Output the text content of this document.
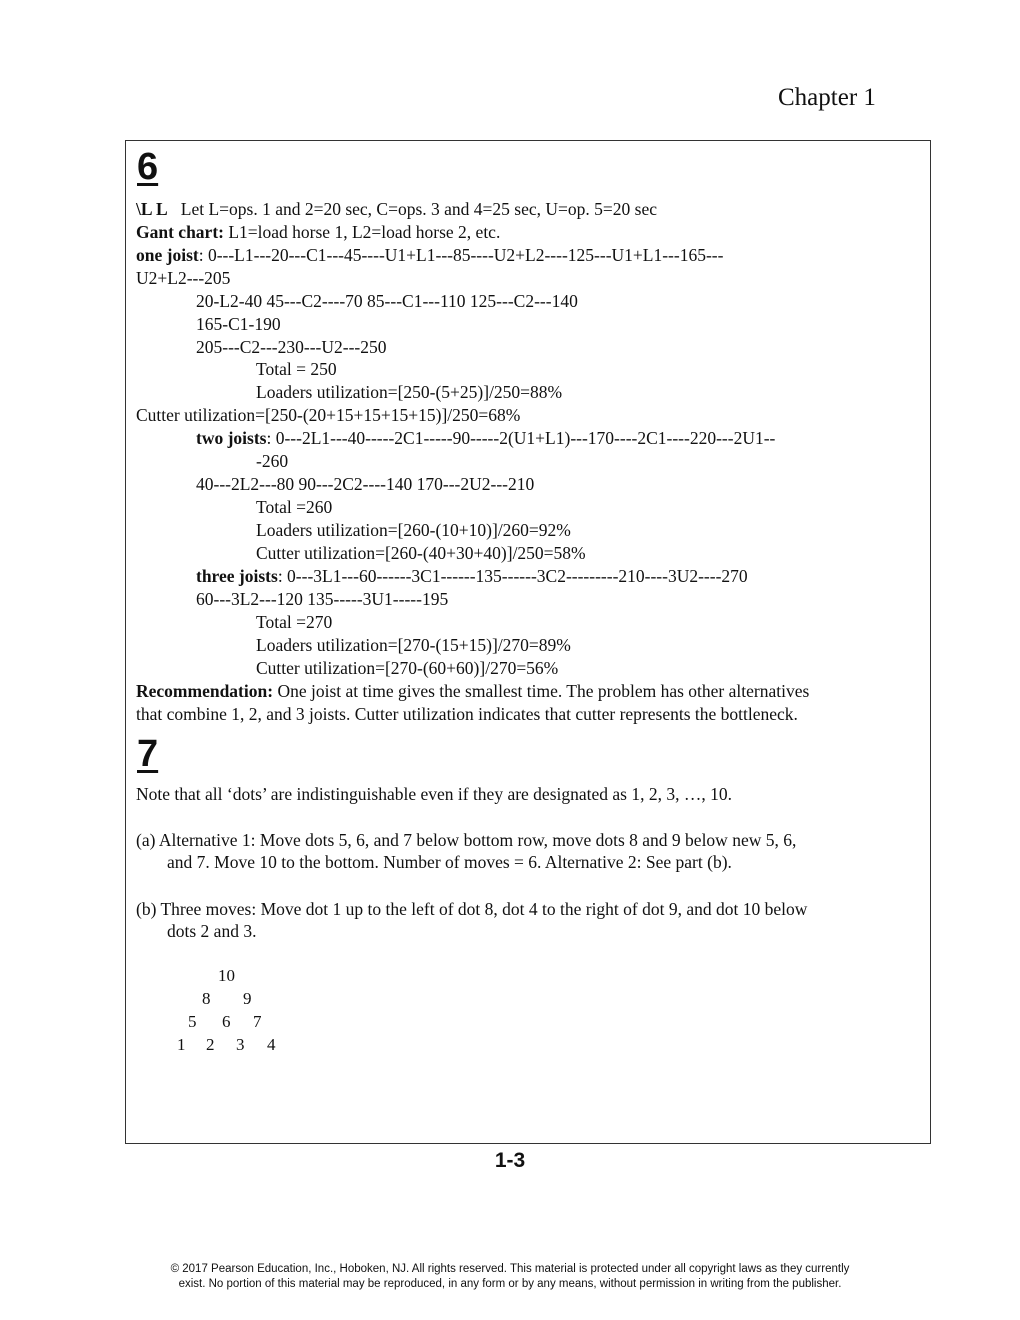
Chapter 1
6
\L L Let L=ops. 1 and 2=20 sec, C=ops. 3 and 4=25 sec, U=op. 5=20 sec
Gant chart: L1=load horse 1, L2=load horse 2, etc.
one joist: 0---L1---20---C1---45----U1+L1---85----U2+L2----125---U1+L1---165---
U2+L2---205
20-L2-40 45---C2----70 85---C1---110 125---C2---140
165-C1-190
205---C2---230---U2---250
Total = 250
Loaders utilization=[250-(5+25)]/250=88%
Cutter utilization=[250-(20+15+15+15+15)]/250=68%
two joists: 0---2L1---40-----2C1-----90-----2(U1+L1)---170----2C1----220---2U1--
-260
40---2L2---80 90---2C2----140 170---2U2---210
Total =260
Loaders utilization=[260-(10+10)]/260=92%
Cutter utilization=[260-(40+30+40)]/250=58%
three joists: 0---3L1---60------3C1------135------3C2---------210----3U2----270
60---3L2---120 135-----3U1-----195
Total =270
Loaders utilization=[270-(15+15)]/270=89%
Cutter utilization=[270-(60+60)]/270=56%
Recommendation: One joist at time gives the smallest time. The problem has other alternatives
that combine 1, 2, and 3 joists. Cutter utilization indicates that cutter represents the bottleneck.
7
Note that all ‘dots’ are indistinguishable even if they are designated as 1, 2, 3, …, 10.
(a) Alternative 1: Move dots 5, 6, and 7 below bottom row, move dots 8 and 9 below new 5, 6,
and 7. Move 10 to the bottom. Number of moves = 6. Alternative 2: See part (b).
(b) Three moves: Move dot 1 up to the left of dot 8, dot 4 to the right of dot 9, and dot 10 below
dots 2 and 3.
10
8 9
5 6 7
1 2 3 4
1-3
© 2017 Pearson Education, Inc., Hoboken, NJ. All rights reserved. This material is protected under all copyright laws as they currently
exist. No portion of this material may be reproduced, in any form or by any means, without permission in writing from the publisher.
